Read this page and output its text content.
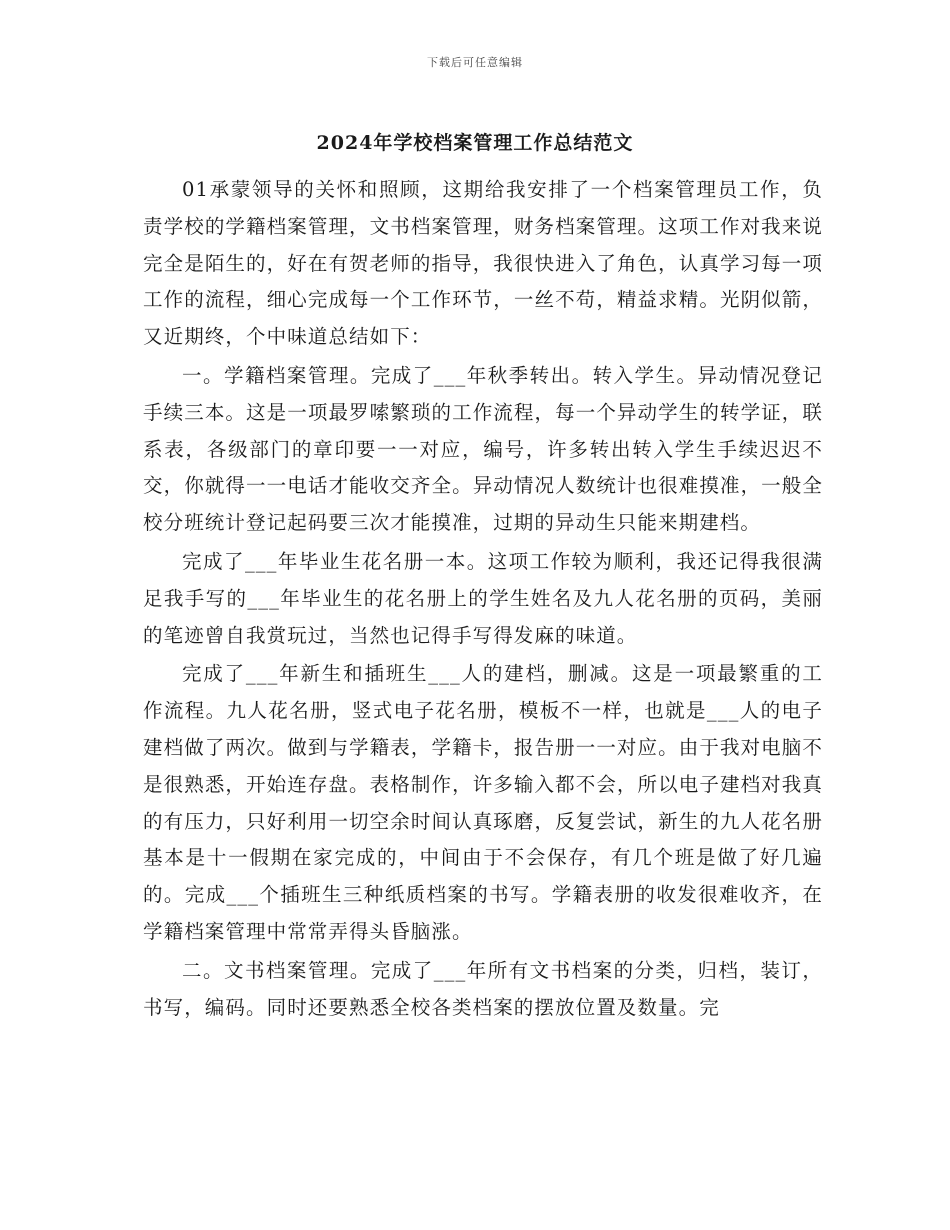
下载后可任意编辑
2024年学校档案管理工作总结范文

01承蒙领导的关怀和照顾，这期给我安排了一个档案管理员工作，负责学校的学籍档案管理，文书档案管理，财务档案管理。这项工作对我来说完全是陌生的，好在有贺老师的指导，我很快进入了角色，认真学习每一项工作的流程，细心完成每一个工作环节，一丝不苟，精益求精。光阴似箭，又近期终，个中味道总结如下：

一。学籍档案管理。完成了___年秋季转出。转入学生。异动情况登记手续三本。这是一项最罗嗦繁琐的工作流程，每一个异动学生的转学证，联系表，各级部门的章印要一一对应，编号，许多转出转入学生手续迟迟不交，你就得一一电话才能收交齐全。异动情况人数统计也很难摸准，一般全校分班统计登记起码要三次才能摸准，过期的异动生只能来期建档。

完成了___年毕业生花名册一本。这项工作较为顺利，我还记得我很满足我手写的___年毕业生的花名册上的学生姓名及九人花名册的页码，美丽的笔迹曾自我赏玩过，当然也记得手写得发麻的味道。

完成了___年新生和插班生___人的建档，删减。这是一项最繁重的工作流程。九人花名册，竖式电子花名册，模板不一样，也就是___人的电子建档做了两次。做到与学籍表，学籍卡，报告册一一对应。由于我对电脑不是很熟悉，开始连存盘。表格制作，许多输入都不会，所以电子建档对我真的有压力，只好利用一切空余时间认真琢磨，反复尝试，新生的九人花名册基本是十一假期在家完成的，中间由于不会保存，有几个班是做了好几遍的。完成___个插班生三种纸质档案的书写。学籍表册的收发很难收齐，在学籍档案管理中常常弄得头昏脑涨。

二。文书档案管理。完成了___年所有文书档案的分类，归档，装订，书写，编码。同时还要熟悉全校各类档案的摆放位置及数量。完
